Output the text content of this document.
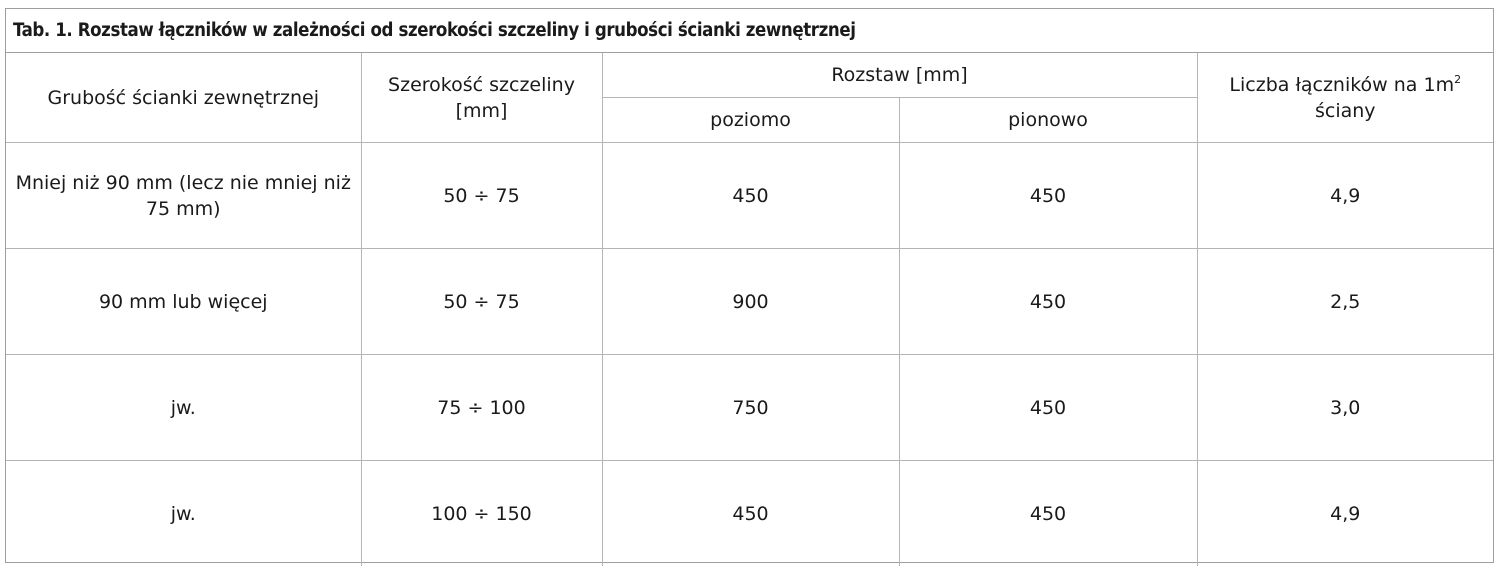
Tab. 1. Rozstaw łączników w zależności od szerokości szczeliny i grubości ścianki zewnętrznej
Grubość ścianki zewnętrznej	Szerokość szczeliny [mm]	Rozstaw [mm]		Liczba łączników na $1m^2$
ściany
		poziomo	pionowo	
Mniej niż 90 mm (lecz nie mniej niż 75 mm)	50 ÷ 75	450	450	4,9
90 mm lub więcej	50 ÷ 75	900	450	2,5
jw.	75 ÷ 100	750	450	3,0
jw.	100 ÷ 150	450	450	4,9
